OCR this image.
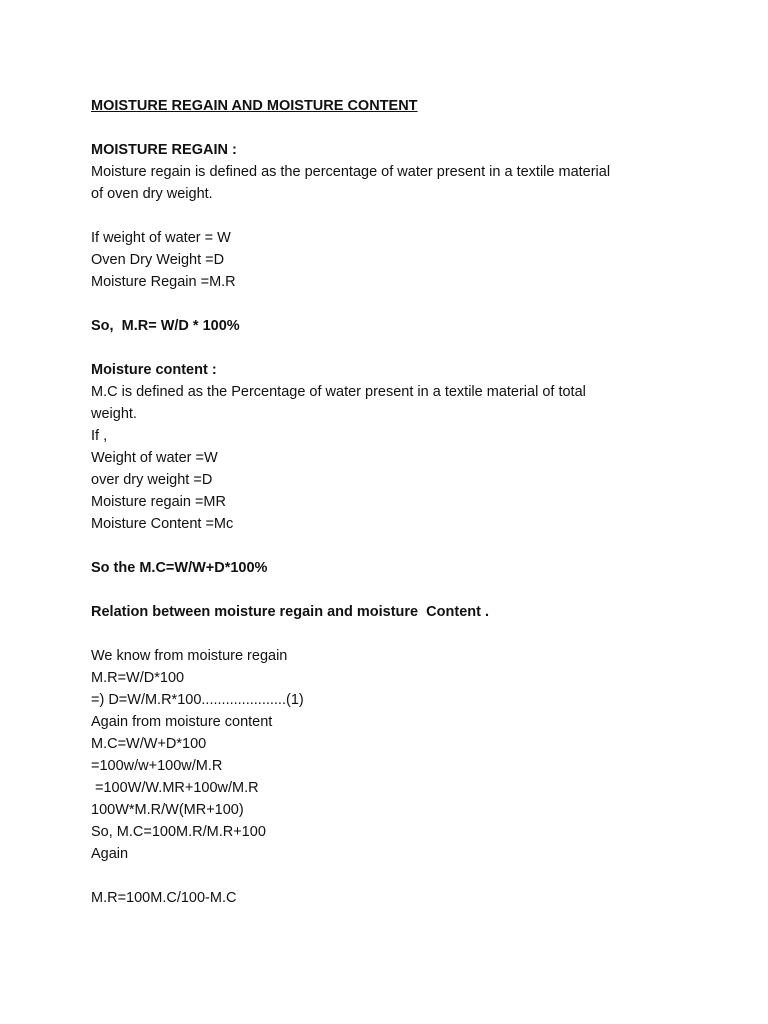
MOISTURE REGAIN AND MOISTURE CONTENT
MOISTURE REGAIN :
Moisture regain is defined as the percentage of water present in a textile material
of oven dry weight.
If weight of water = W
Oven Dry Weight =D
Moisture Regain =M.R
So,  M.R= W/D * 100%
Moisture content :
M.C is defined as the Percentage of water present in a textile material of total
weight.
If ,
Weight of water =W
over dry weight =D
Moisture regain =MR
Moisture Content =Mc
So the M.C=W/W+D*100%
Relation between moisture regain and moisture  Content .
We know from moisture regain
M.R=W/D*100
=) D=W/M.R*100.....................(1)
Again from moisture content
M.C=W/W+D*100
=100w/w+100w/M.R
=100W/W.MR+100w/M.R
100W*M.R/W(MR+100)
So, M.C=100M.R/M.R+100
Again
M.R=100M.C/100-M.C
